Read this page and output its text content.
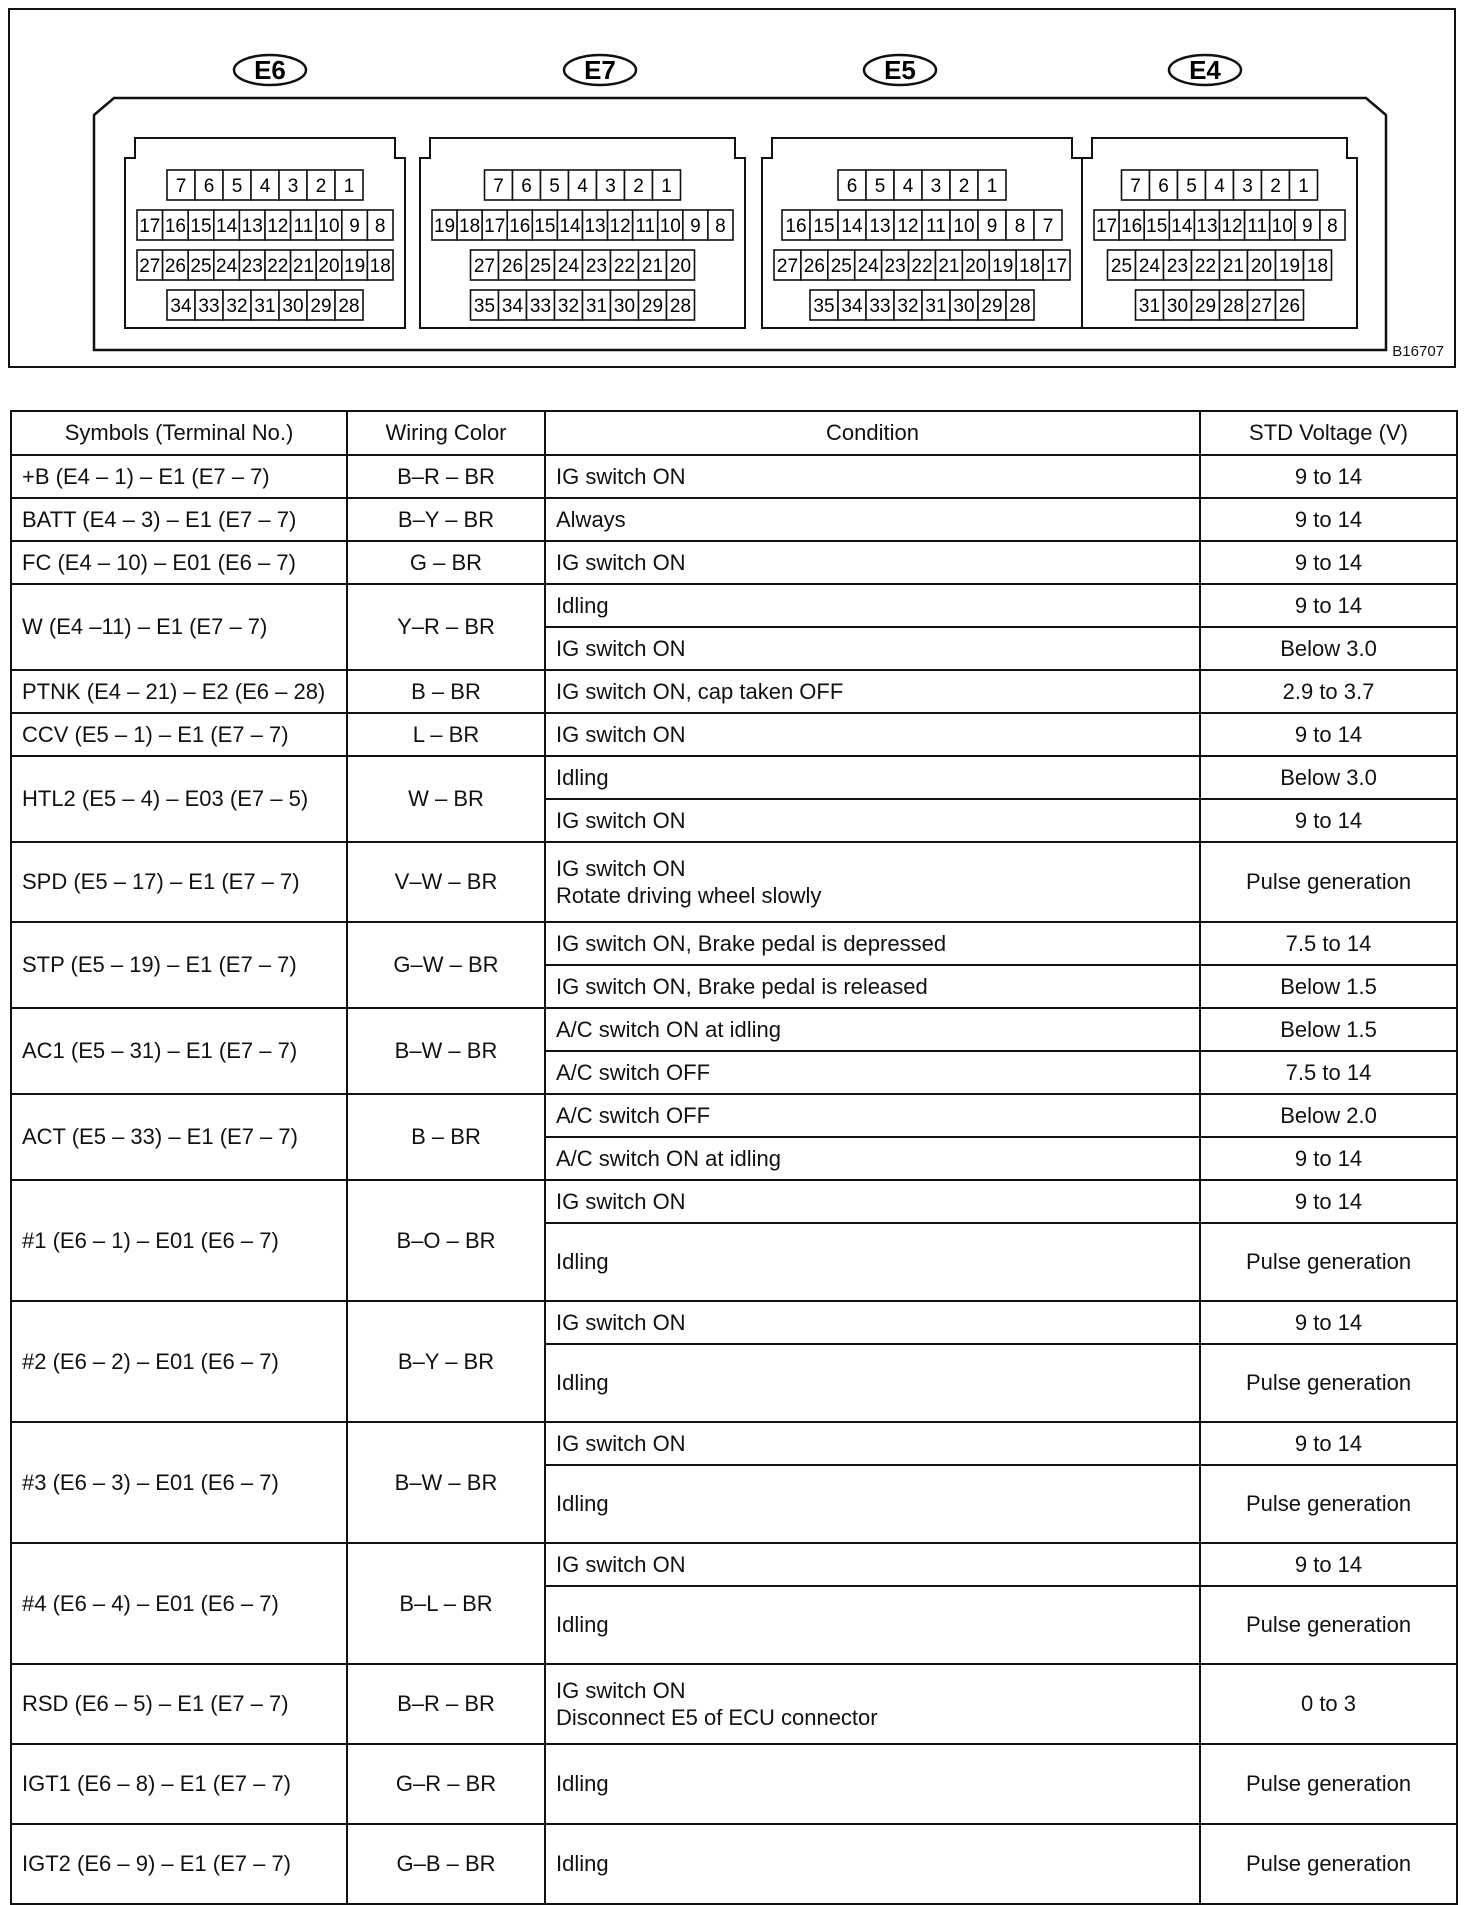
E6
7 6 5 4 3 2 1
17 16 15 14 13 12 11 10 9 8
27 26 25 24 23 22 21 20 19 18
34 33 32 31 30 29 28
E7
7 6 5 4 3 2 1
19 18 17 16 15 14 13 12 11 10 9 8
27 26 25 24 23 22 21 20
35 34 33 32 31 30 29 28
E5
6 5 4 3 2 1
16 15 14 13 12 11 10 9 8 7
27 26 25 24 23 22 21 20 19 18 17
35 34 33 32 31 30 29 28
E4
7 6 5 4 3 2 1
17 16 15 14 13 12 11 10 9 8
25 24 23 22 21 20 19 18
31 30 29 28 27 26
B16707
Symbols (Terminal No.)	Wiring Color	Condition	STD Voltage (V)
+B (E4 – 1) – E1 (E7 – 7)	B–R – BR	IG switch ON	9 to 14
BATT (E4 – 3) – E1 (E7 – 7)	B–Y – BR	Always	9 to 14
FC (E4 – 10) – E01 (E6 – 7)	G – BR	IG switch ON	9 to 14
W (E4 –11) – E1 (E7 – 7)	Y–R – BR	Idling	9 to 14

		IG switch ON	Below 3.0
PTNK (E4 – 21) – E2 (E6 – 28)	B – BR	IG switch ON, cap taken OFF	2.9 to 3.7
CCV (E5 – 1) – E1 (E7 – 7)	L – BR	IG switch ON	9 to 14
HTL2 (E5 – 4) – E03 (E7 – 5)	W – BR	Idling	Below 3.0

		IG switch ON	9 to 14
SPD (E5 – 17) – E1 (E7 – 7)	V–W – BR	IG switch ON
Rotate driving wheel slowly	Pulse generation
STP (E5 – 19) – E1 (E7 – 7)	G–W – BR	IG switch ON, Brake pedal is depressed	7.5 to 14

		IG switch ON, Brake pedal is released	Below 1.5
AC1 (E5 – 31) – E1 (E7 – 7)	B–W – BR	A/C switch ON at idling	Below 1.5

		A/C switch OFF	7.5 to 14
ACT (E5 – 33) – E1 (E7 – 7)	B – BR	A/C switch OFF	Below 2.0

		A/C switch ON at idling	9 to 14
#1 (E6 – 1) – E01 (E6 – 7)	B–O – BR	IG switch ON	9 to 14

		Idling	Pulse generation
#2 (E6 – 2) – E01 (E6 – 7)	B–Y – BR	IG switch ON	9 to 14

		Idling	Pulse generation
#3 (E6 – 3) – E01 (E6 – 7)	B–W – BR	IG switch ON	9 to 14

		Idling	Pulse generation
#4 (E6 – 4) – E01 (E6 – 7)	B–L – BR	IG switch ON	9 to 14

		Idling	Pulse generation
RSD (E6 – 5) – E1 (E7 – 7)	B–R – BR	IG switch ON
Disconnect E5 of ECU connector	0 to 3
IGT1 (E6 – 8) – E1 (E7 – 7)	G–R – BR	Idling	Pulse generation
IGT2 (E6 – 9) – E1 (E7 – 7)	G–B – BR	Idling	Pulse generation
